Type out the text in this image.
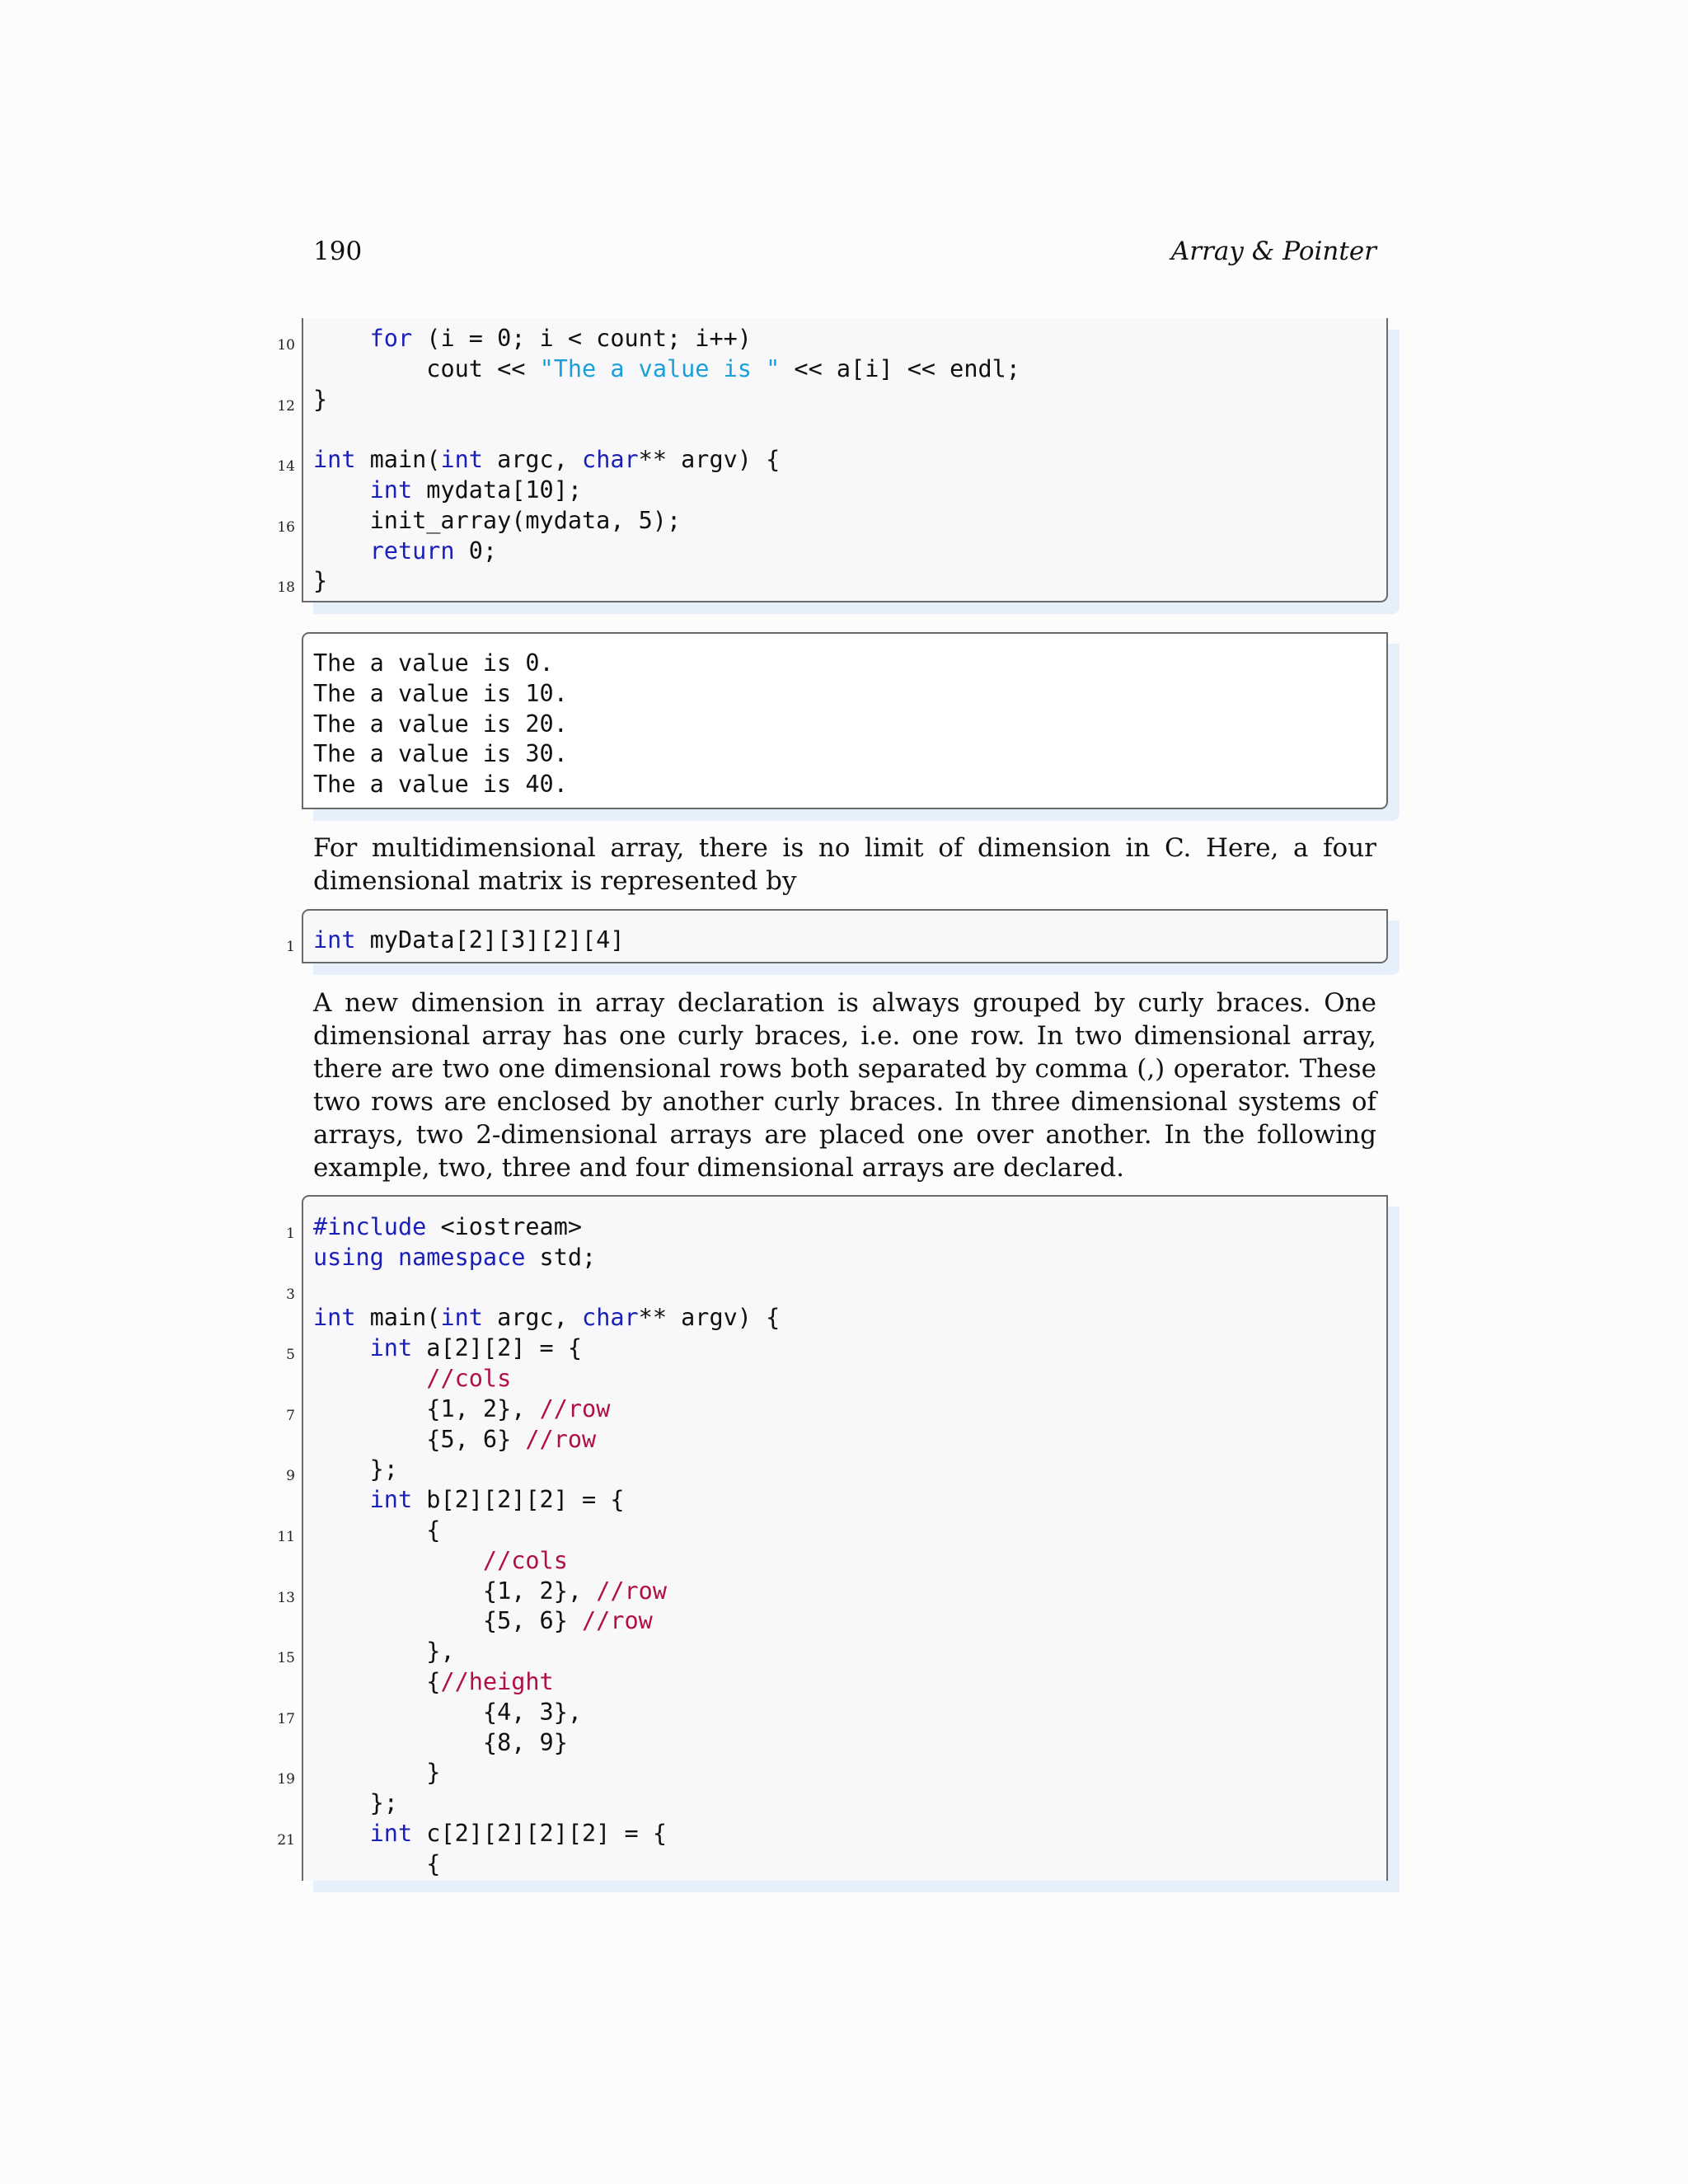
190	Array & Pointer
10	for (i = 0; i < count; i++)
cout << "The a value is " << a[i] << endl;
12 }
14 int main(int argc, char** argv) {
int mydata[10];
16	init_array(mydata, 5);
return 0;
18 }
The a value is 0.
The a value is 10.
The a value is 20.
The a value is 30.
The a value is 40.
For multidimensional array, there is no limit of dimension in C. Here, a four dimensional matrix is represented by
1 int myData[2][3][2][4]
A new dimension in array declaration is always grouped by curly braces. One dimensional array has one curly braces, i.e. one row. In two dimensional array, there are two one dimensional rows both separated by comma (,) operator. These two rows are enclosed by another curly braces. In three dimensional systems of arrays, two 2-dimensional arrays are placed one over another. In the following example, two, three and four dimensional arrays are declared.
1 #include <iostream>
using namespace std;
3
int main(int argc, char** argv) {
5	int a[2][2] = {
//cols
7	{1, 2}, //row
{5, 6} //row
9	};
int b[2][2][2] = {
11	{
//cols
13	{1, 2}, //row
{5, 6} //row
15	},
{//height
17	{4, 3},
{8, 9}
19	}
};
21	int c[2][2][2][2] = {
{
